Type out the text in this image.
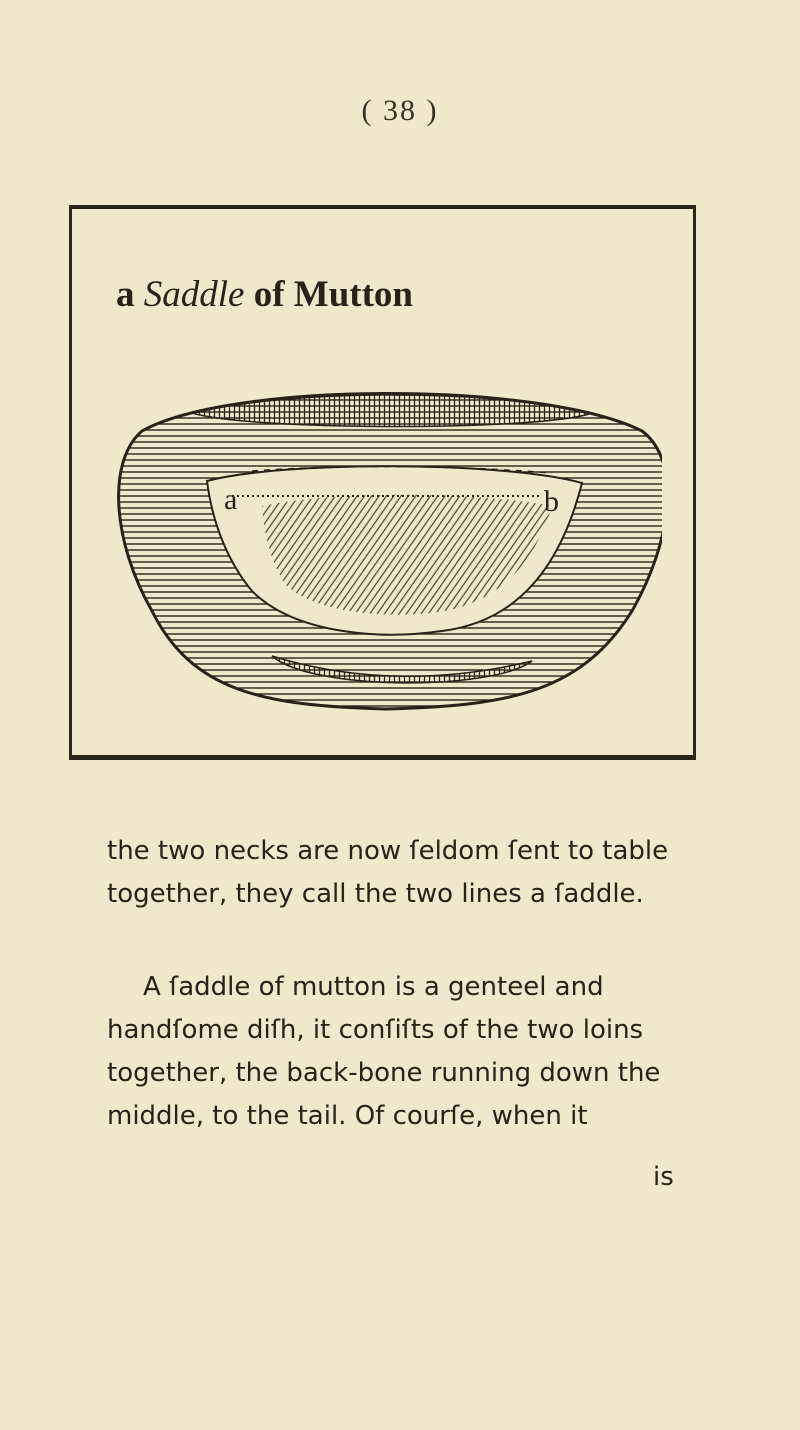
( 38 )
a Saddle of Mutton
a	b
the two necks are now ſeldom ſent to table
together, they call the two lines a ſaddle.
A ſaddle of mutton is a genteel and
handſome diſh, it conſiſts of the two loins
together, the back-bone running down the
middle, to the tail. Of courſe, when it
is
